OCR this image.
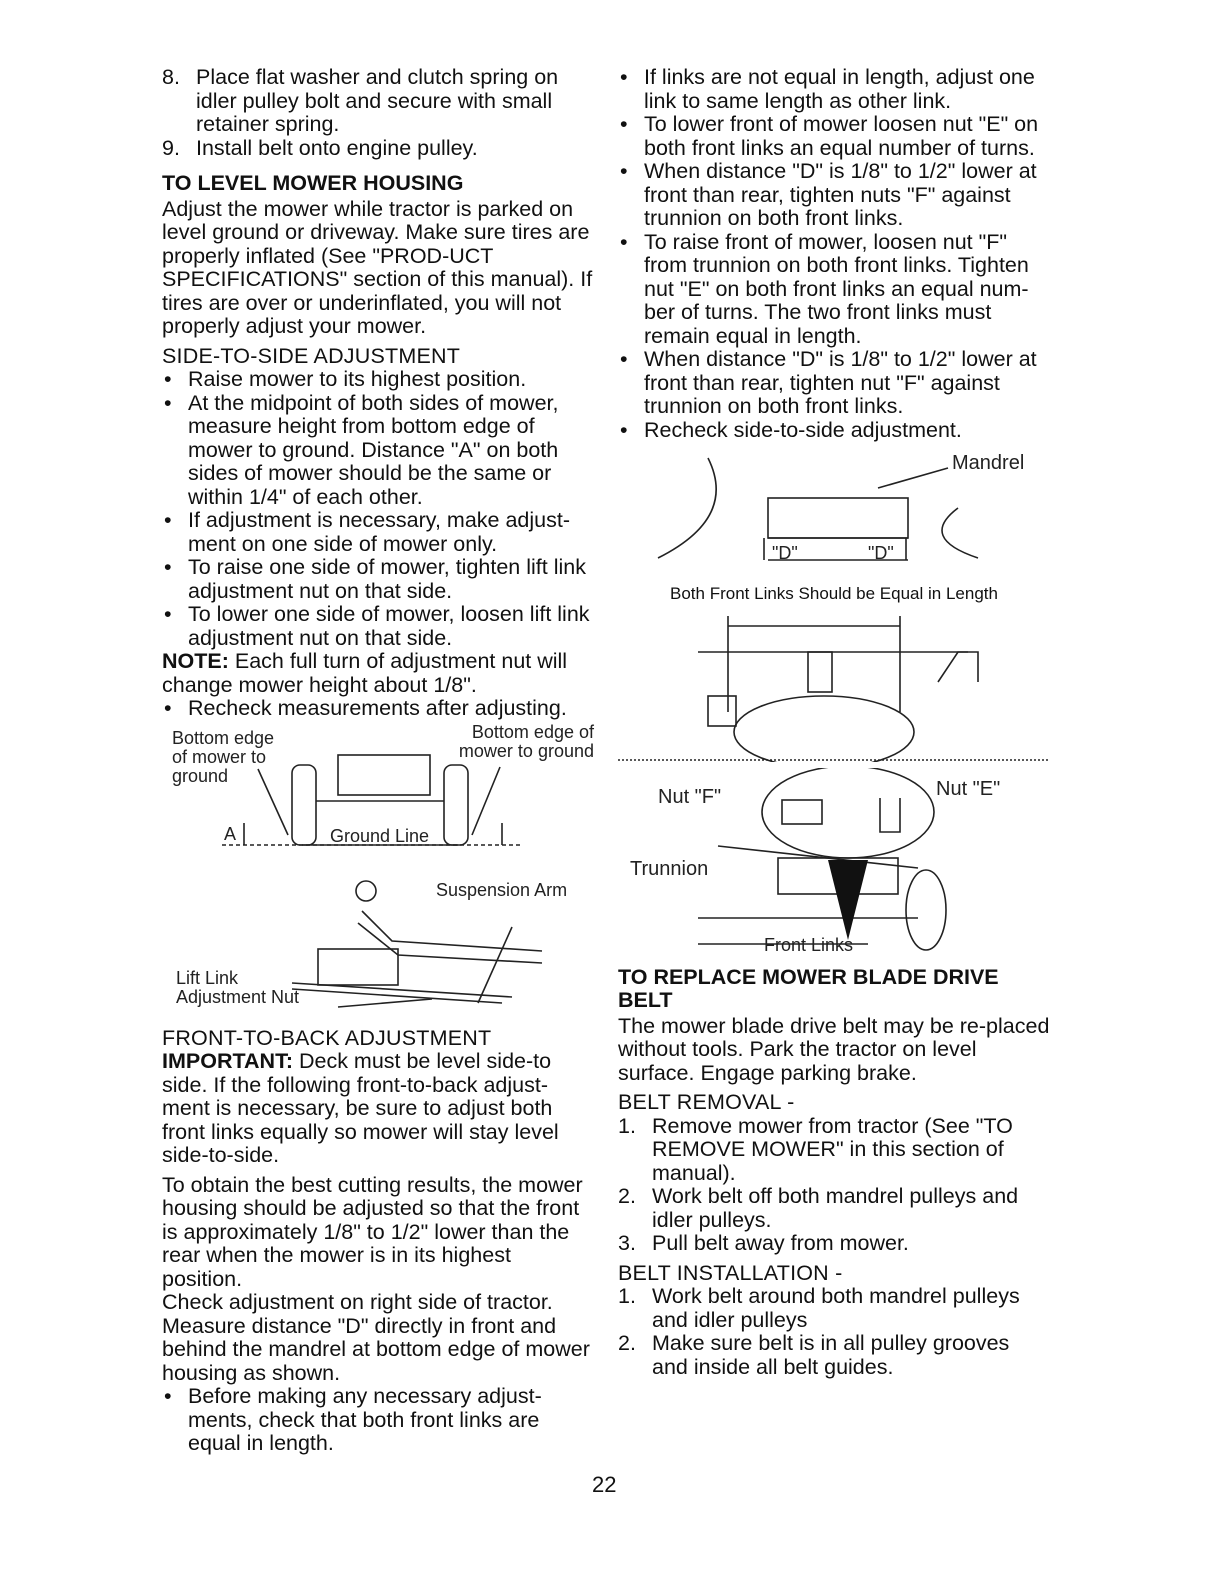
8. Place flat washer and clutch spring on idler pulley bolt and secure with small retainer spring.
9. Install belt onto engine pulley.
TO LEVEL MOWER HOUSING
Adjust the mower while tractor is parked on level ground or driveway. Make sure tires are properly inflated (See "PROD-UCT SPECIFICATIONS" section of this manual). If tires are over or underinflated, you will not properly adjust your mower.
SIDE-TO-SIDE ADJUSTMENT
• Raise mower to its highest position.
• At the midpoint of both sides of mower, measure height from bottom edge of mower to ground. Distance "A" on both sides of mower should be the same or within 1/4" of each other.
• If adjustment is necessary, make adjust-ment on one side of mower only.
• To raise one side of mower, tighten lift link adjustment nut on that side.
• To lower one side of mower, loosen lift link adjustment nut on that side.
NOTE: Each full turn of adjustment nut will change mower height about 1/8".
• Recheck measurements after adjusting.
Bottom edge of mower to ground
Bottom edge of mower to ground
A	Ground Line
Suspension Arm
Lift Link Adjustment Nut
FRONT-TO-BACK ADJUSTMENT
IMPORTANT: Deck must be level side-to side. If the following front-to-back adjust-ment is necessary, be sure to adjust both front links equally so mower will stay level side-to-side.
To obtain the best cutting results, the mower housing should be adjusted so that the front is approximately 1/8" to 1/2" lower than the rear when the mower is in its highest position.
Check adjustment on right side of tractor. Measure distance "D" directly in front and behind the mandrel at bottom edge of mower housing as shown.
• Before making any necessary adjust-ments, check that both front links are equal in length.
• If links are not equal in length, adjust one link to same length as other link.
• To lower front of mower loosen nut "E" on both front links an equal number of turns.
• When distance "D" is 1/8" to 1/2" lower at front than rear, tighten nuts "F" against trunnion on both front links.
• To raise front of mower, loosen nut "F" from trunnion on both front links. Tighten nut "E" on both front links an equal num-ber of turns. The two front links must remain equal in length.
• When distance "D" is 1/8" to 1/2" lower at front than rear, tighten nut "F" against trunnion on both front links.
• Recheck side-to-side adjustment.
Mandrel
"D"	"D"
Both Front Links Should be Equal in Length
Nut "F"	Nut "E"
Trunnion
Front Links
TO REPLACE MOWER BLADE DRIVE BELT
The mower blade drive belt may be re-placed without tools. Park the tractor on level surface. Engage parking brake.
BELT REMOVAL -
1. Remove mower from tractor (See "TO REMOVE MOWER" in this section of manual).
2. Work belt off both mandrel pulleys and idler pulleys.
3. Pull belt away from mower.
BELT INSTALLATION -
1. Work belt around both mandrel pulleys and idler pulleys
2. Make sure belt is in all pulley grooves and inside all belt guides.
22
